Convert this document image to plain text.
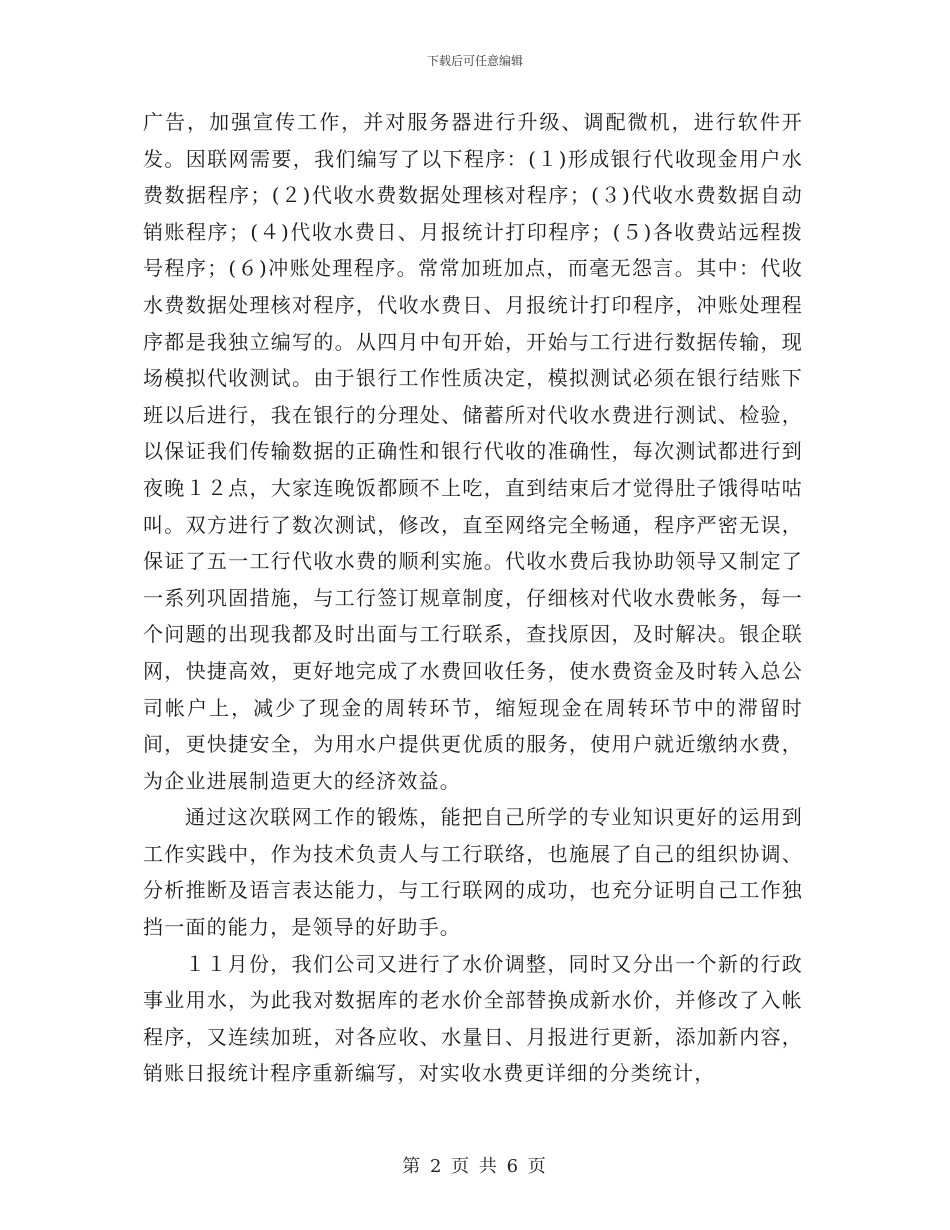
下载后可任意编辑

广告，加强宣传工作，并对服务器进行升级、调配微机，进行软件开发。因联网需要，我们编写了以下程序：(１)形成银行代收现金用户水费数据程序；(２)代收水费数据处理核对程序；(３)代收水费数据自动销账程序；(４)代收水费日、月报统计打印程序；(５)各收费站远程拨号程序；(６)冲账处理程序。常常加班加点，而毫无怨言。其中：代收水费数据处理核对程序，代收水费日、月报统计打印程序，冲账处理程序都是我独立编写的。从四月中旬开始，开始与工行进行数据传输，现场模拟代收测试。由于银行工作性质决定，模拟测试必须在银行结账下班以后进行，我在银行的分理处、储蓄所对代收水费进行测试、检验，以保证我们传输数据的正确性和银行代收的准确性，每次测试都进行到夜晚１２点，大家连晚饭都顾不上吃，直到结束后才觉得肚子饿得咕咕叫。双方进行了数次测试，修改，直至网络完全畅通，程序严密无误，保证了五一工行代收水费的顺利实施。代收水费后我协助领导又制定了一系列巩固措施，与工行签订规章制度，仔细核对代收水费帐务，每一个问题的出现我都及时出面与工行联系，查找原因，及时解决。银企联网，快捷高效，更好地完成了水费回收任务，使水费资金及时转入总公司帐户上，减少了现金的周转环节，缩短现金在周转环节中的滞留时间，更快捷安全，为用水户提供更优质的服务，使用户就近缴纳水费，为企业进展制造更大的经济效益。

通过这次联网工作的锻炼，能把自己所学的专业知识更好的运用到工作实践中，作为技术负责人与工行联络，也施展了自己的组织协调、分析推断及语言表达能力，与工行联网的成功，也充分证明自己工作独挡一面的能力，是领导的好助手。

１１月份，我们公司又进行了水价调整，同时又分出一个新的行政事业用水，为此我对数据库的老水价全部替换成新水价，并修改了入帐程序，又连续加班，对各应收、水量日、月报进行更新，添加新内容，销账日报统计程序重新编写，对实收水费更详细的分类统计，

第 2 页 共 6 页
